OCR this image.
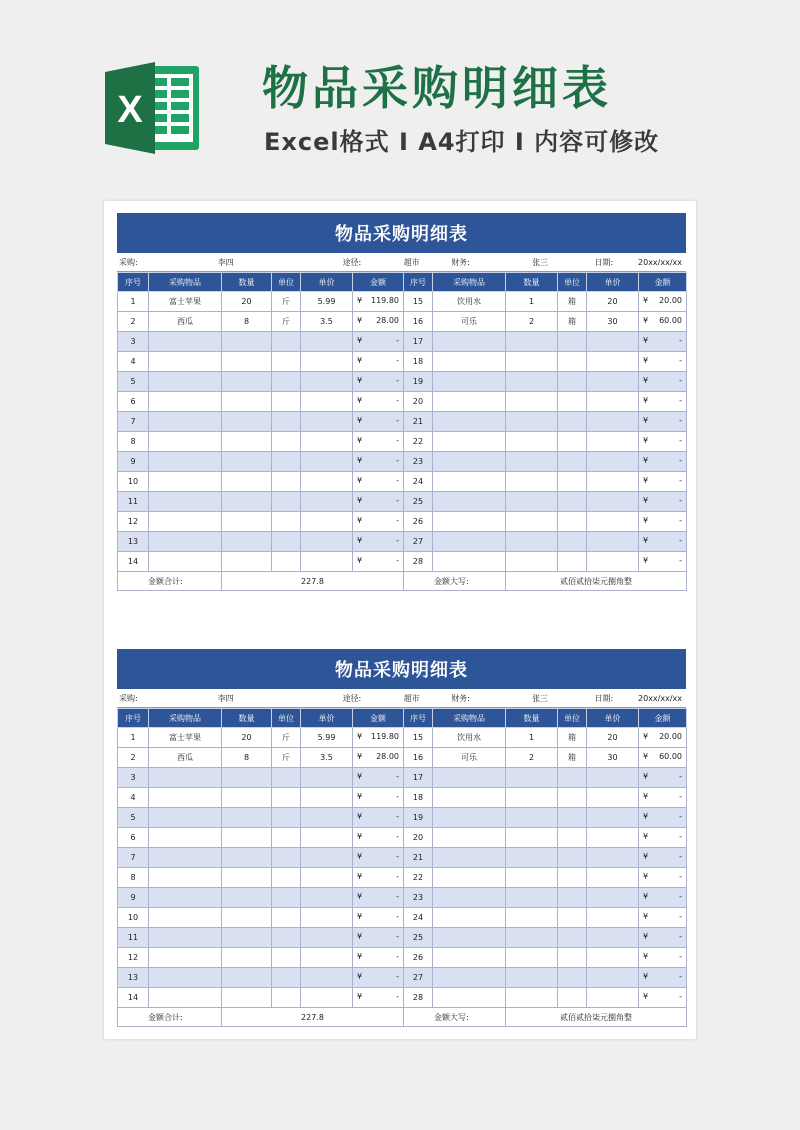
X	物品采购明细表
Excel格式 I A4打印 I 内容可修改
物品采购明细表
采购:	李四	途径:	超市	财务:	张三	日期:	20xx/xx/xx
序号	采购物品	数量	单位	单价	金额	序号	采购物品	数量	单位	单价	金额
1	富士苹果	20	斤	5.99	¥ 119.80	15	饮用水	1	箱	20	¥ 20.00

2	西瓜	8	斤	3.5	¥ 28.00	16	可乐	2	箱	30	¥ 60.00

3					¥ -	17					¥ -

4					¥ -	18					¥ -

5					¥ -	19					¥ -

6					¥ -	20					¥ -

7					¥ -	21					¥ -

8					¥ -	22					¥ -

9					¥ -	23					¥ -

10					¥ -	24					¥ -

11					¥ -	25					¥ -

12					¥ -	26					¥ -

13					¥ -	27					¥ -

14					¥ -	28					¥ -

金额合计:		227.8				金额大写:		贰佰贰拾柒元捌角整			
物品采购明细表
采购:	李四	途径:	超市	财务:	张三	日期:	20xx/xx/xx
序号	采购物品	数量	单位	单价	金额	序号	采购物品	数量	单位	单价	金额
1	富士苹果	20	斤	5.99	¥ 119.80	15	饮用水	1	箱	20	¥ 20.00

2	西瓜	8	斤	3.5	¥ 28.00	16	可乐	2	箱	30	¥ 60.00

3					¥ -	17					¥ -

4					¥ -	18					¥ -

5					¥ -	19					¥ -

6					¥ -	20					¥ -

7					¥ -	21					¥ -

8					¥ -	22					¥ -

9					¥ -	23					¥ -

10					¥ -	24					¥ -

11					¥ -	25					¥ -

12					¥ -	26					¥ -

13					¥ -	27					¥ -

14					¥ -	28					¥ -

金额合计:		227.8				金额大写:		贰佰贰拾柒元捌角整			
